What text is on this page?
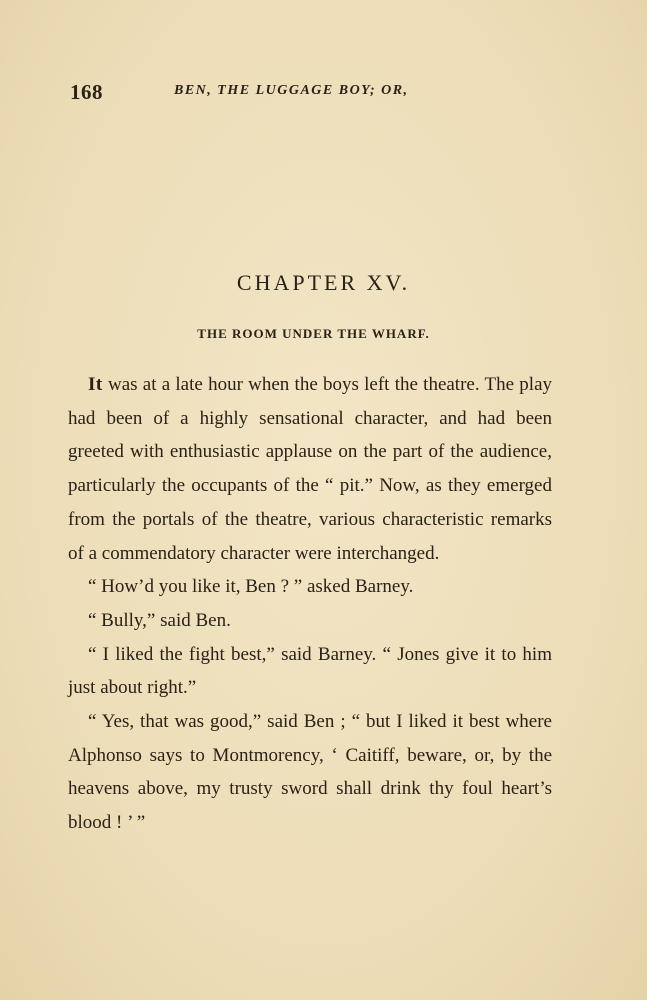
168	BEN, THE LUGGAGE BOY; OR,
CHAPTER XV.
THE ROOM UNDER THE WHARF.

It was at a late hour when the boys left the theatre. The play had been of a highly sensational character, and had been greeted with enthusiastic applause on the part of the audience, particularly the occupants of the “ pit.” Now, as they emerged from the portals of the theatre, various characteristic remarks of a commendatory character were interchanged.

“ How’d you like it, Ben ? ” asked Barney.

“ Bully,” said Ben.

“ I liked the fight best,” said Barney. “ Jones give it to him just about right.”

“ Yes, that was good,” said Ben ; “ but I liked it best where Alphonso says to Montmorency, ‘ Caitiff, beware, or, by the heavens above, my trusty sword shall drink thy foul heart’s blood ! ’ ”
